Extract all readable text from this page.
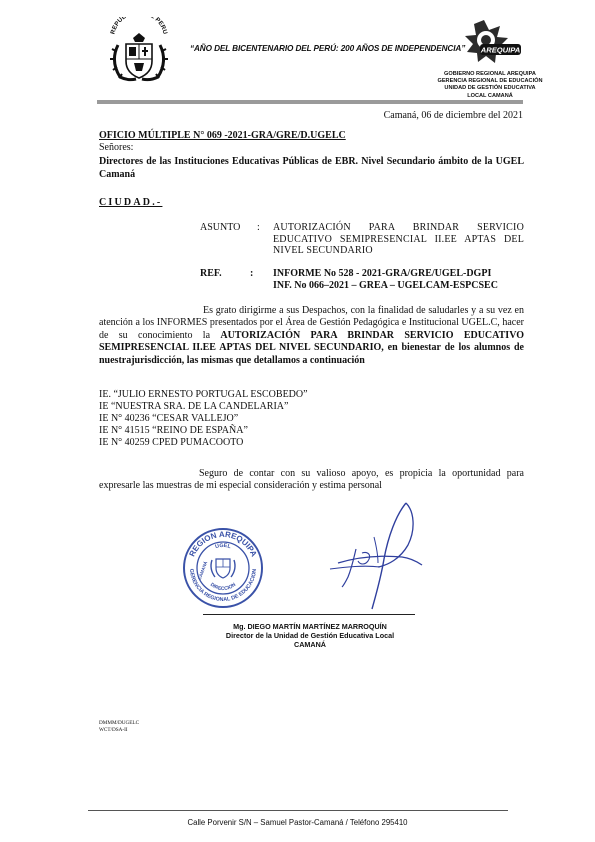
REPUB PERU
“AÑO DEL BICENTENARIO DEL PERÚ: 200 AÑOS DE INDEPENDENCIA” AREQUIPA
GOBIERNO REGIONAL AREQUIPA
GERENCIA REGIONAL DE EDUCACIÓN
UNIDAD DE GESTIÓN EDUCATIVA
LOCAL CAMANÁ
Camaná, 06 de diciembre del 2021
OFICIO MÚLTIPLE N° 069 -2021-GRA/GRE/D.UGELC
Señores:
Directores de las Instituciones Educativas Públicas de EBR. Nivel Secundario ámbito de la UGEL Camaná
CIUDAD.-
ASUNTO : AUTORIZACIÓN PARA BRINDAR SERVICIO EDUCATIVO SEMIPRESENCIAL II.EE APTAS DEL NIVEL SECUNDARIO
REF.	: INFORME No 528 - 2021-GRA/GRE/UGEL-DGPI
INF. No 066–2021 – GREA – UGELCAM-ESPCSEC
Es grato dirigirme a sus Despachos, con la finalidad de saludarles y a su vez en atención a los INFORMES presentados por el Área de Gestión Pedagógica e Institucional UGEL.C, hacer de su conocimiento la AUTORIZACIÓN PARA BRINDAR SERVICIO EDUCATIVO SEMIPRESENCIAL II.EE APTAS DEL NIVEL SECUNDARIO, en bienestar de los alumnos de nuestrajurisdicción, las mismas que detallamos a continuación
IE. “JULIO ERNESTO PORTUGAL ESCOBEDO”
IE “NUESTRA SRA. DE LA CANDELARIA”
IE N° 40236 “CESAR VALLEJO”
IE N° 41515 “REINO DE ESPAÑA”
IE N° 40259 CPED PUMACOOTO
Seguro de contar con su valioso apoyo, es propicia la oportunidad para expresarle las muestras de mi especial consideración y estima personal
REGION AREQUIPA
GERENCIA REGIONAL DE EDUCACION
UGEL
DIRECCION
CAMANÁ
Mg. DIEGO MARTÍN MARTÍNEZ MARROQUÍN
Director de la Unidad de Gestión Educativa Local
CAMANÁ
DMMM/DUGELC
WCT/DSA-II
Calle Porvenir S/N – Samuel Pastor-Camaná / Teléfono 295410
